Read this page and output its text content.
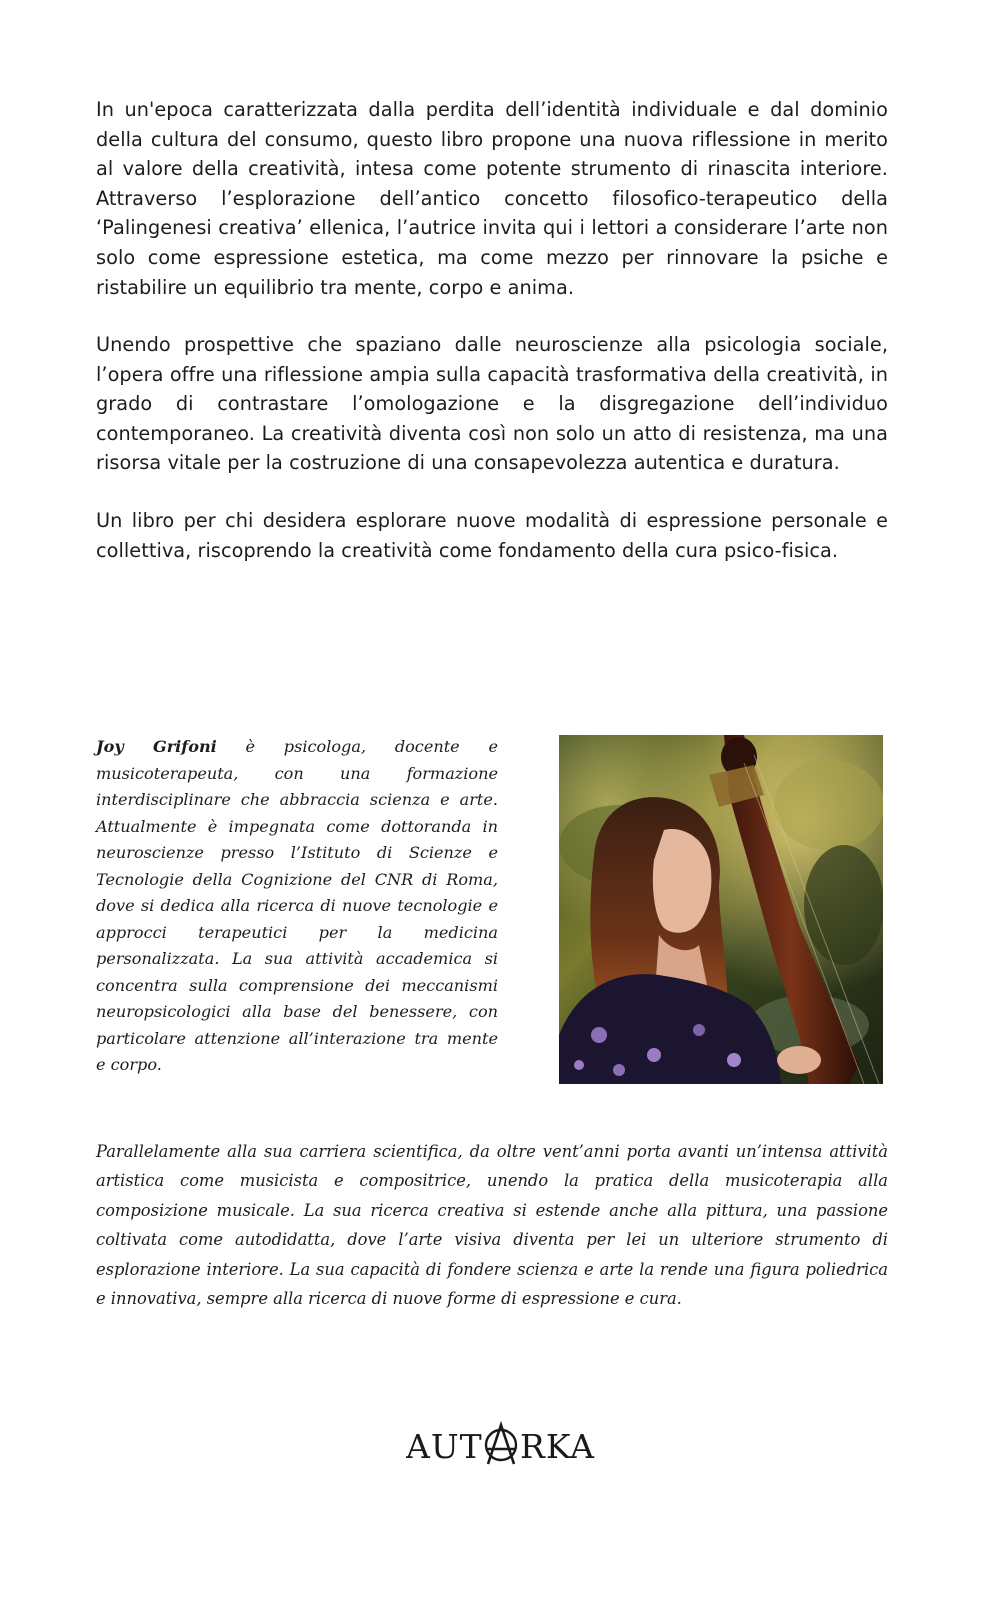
In un'epoca caratterizzata dalla perdita dell’identità individuale e dal dominio della cultura del consumo, questo libro propone una nuova riflessione in merito al valore della creatività, intesa come potente strumento di rinascita interiore. Attraverso l’esplorazione dell’antico concetto filosofico-terapeutico della ‘Palingenesi creativa’ ellenica, l’autrice invita qui i lettori a considerare l’arte non solo come espressione estetica, ma come mezzo per rinnovare la psiche e ristabilire un equilibrio tra mente, corpo e anima.

Unendo prospettive che spaziano dalle neuroscienze alla psicologia sociale, l’opera offre una riflessione ampia sulla capacità trasformativa della creatività, in grado di contrastare l’omologazione e la disgregazione dell’individuo contemporaneo. La creatività diventa così non solo un atto di resistenza, ma una risorsa vitale per la costruzione di una consapevolezza autentica e duratura.

Un libro per chi desidera esplorare nuove modalità di espressione personale e collettiva, riscoprendo la creatività come fondamento della cura psico-fisica.

Joy Grifoni è psicologa, docente e musicoterapeuta, con una formazione interdisciplinare che abbraccia scienza e arte. Attualmente è impegnata come dottoranda in neuroscienze presso l’Istituto di Scienze e Tecnologie della Cognizione del CNR di Roma, dove si dedica alla ricerca di nuove tecnologie e approcci terapeutici per la medicina personalizzata. La sua attività accademica si concentra sulla comprensione dei meccanismi neuropsicologici alla base del benessere, con particolare attenzione all’interazione tra mente e corpo.

Parallelamente alla sua carriera scientifica, da oltre vent’anni porta avanti un’intensa attività artistica come musicista e compositrice, unendo la pratica della musicoterapia alla composizione musicale. La sua ricerca creativa si estende anche alla pittura, una passione coltivata come autodidatta, dove l’arte visiva diventa per lei un ulteriore strumento di esplorazione interiore. La sua capacità di fondere scienza e arte la rende una figura poliedrica e innovativa, sempre alla ricerca di nuove forme di espressione e cura.

AUT RKA
